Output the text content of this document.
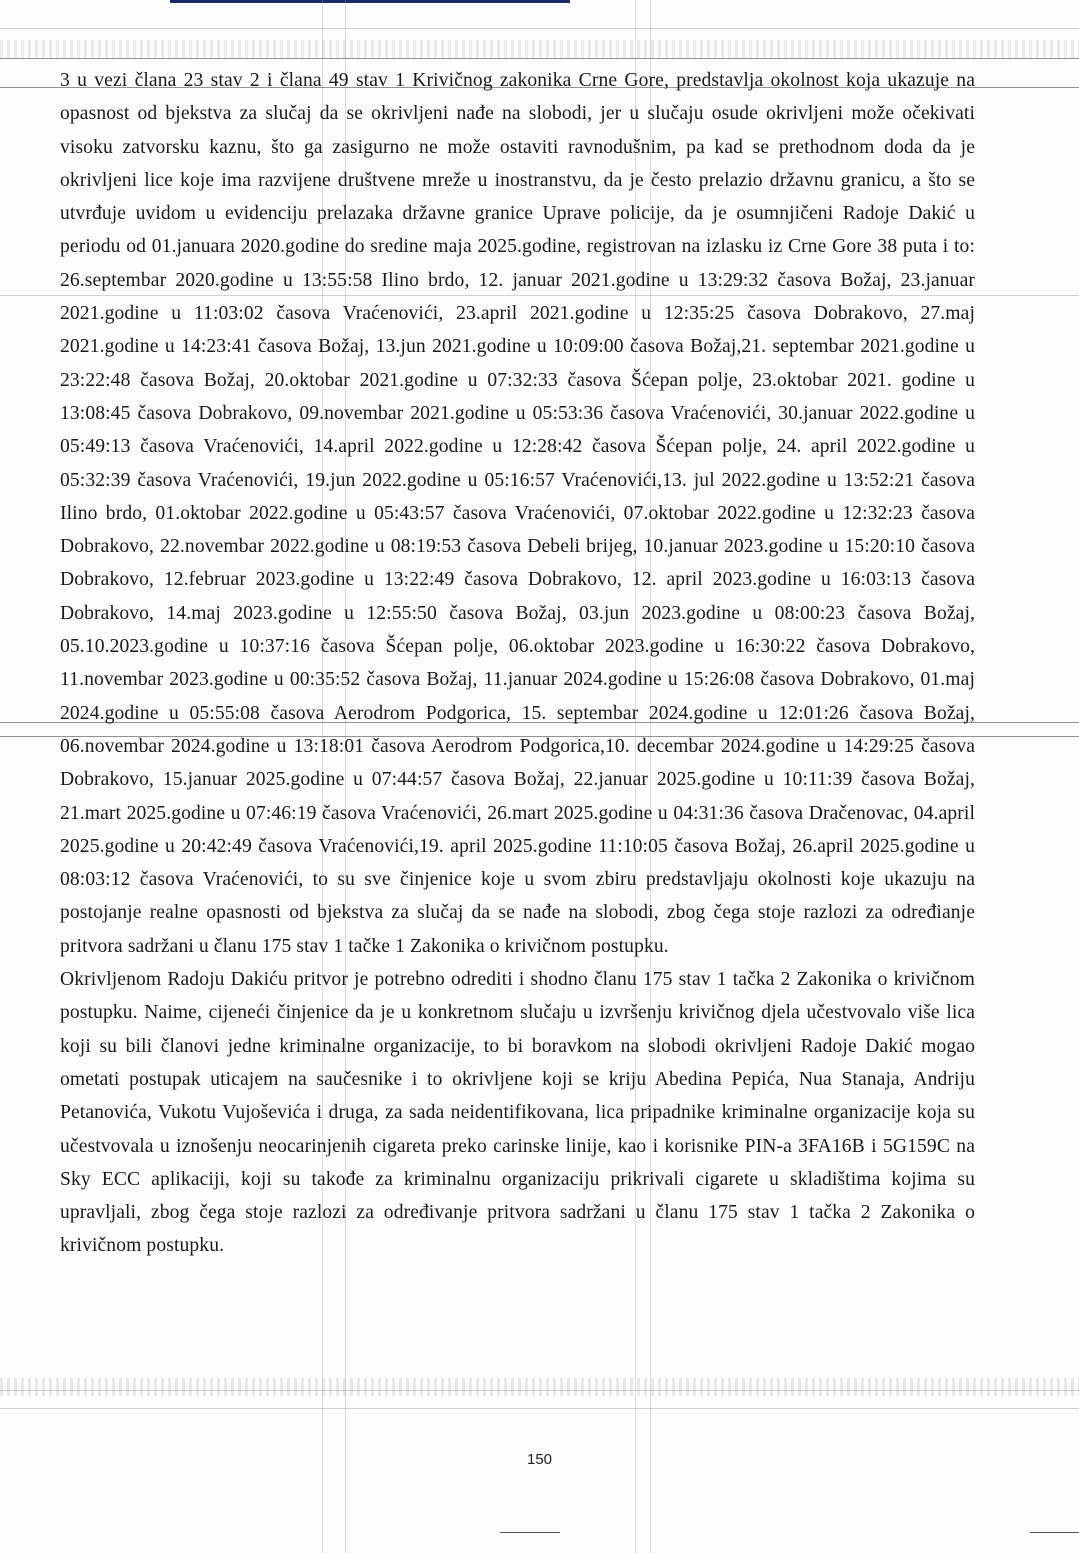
3 u vezi člana 23 stav 2 i člana 49 stav 1 Krivičnog zakonika Crne Gore, predstavlja okolnost koja ukazuje na opasnost od bjekstva za slučaj da se okrivljeni nađe na slobodi, jer u slučaju osude okrivljeni može očekivati visoku zatvorsku kaznu, što ga zasigurno ne može ostaviti ravnodušnim, pa kad se prethodnom doda da je okrivljeni lice koje ima razvijene društvene mreže u inostranstvu, da je često prelazio državnu granicu, a što se utvrđuje uvidom u evidenciju prelazaka državne granice Uprave policije, da je osumnjičeni Radoje Dakić u periodu od 01.januara 2020.godine do sredine maja 2025.godine, registrovan na izlasku iz Crne Gore 38 puta i to: 26.septembar 2020.godine u 13:55:58 Ilino brdo, 12. januar 2021.godine u 13:29:32 časova Božaj, 23.januar 2021.godine u 11:03:02 časova Vraćenovići, 23.april 2021.godine u 12:35:25 časova Dobrakovo, 27.maj 2021.godine u 14:23:41 časova Božaj, 13.jun 2021.godine u 10:09:00 časova Božaj,21. septembar 2021.godine u 23:22:48 časova Božaj, 20.oktobar 2021.godine u 07:32:33 časova Šćepan polje, 23.oktobar 2021. godine u 13:08:45 časova Dobrakovo, 09.novembar 2021.godine u 05:53:36 časova Vraćenovići, 30.januar 2022.godine u 05:49:13 časova Vraćenovići, 14.april 2022.godine u 12:28:42 časova Šćepan polje, 24. april 2022.godine u 05:32:39 časova Vraćenovići, 19.jun 2022.godine u 05:16:57 Vraćenovići,13. jul 2022.godine u 13:52:21 časova Ilino brdo, 01.oktobar 2022.godine u 05:43:57 časova Vraćenovići, 07.oktobar 2022.godine u 12:32:23 časova Dobrakovo, 22.novembar 2022.godine u 08:19:53 časova Debeli brijeg, 10.januar 2023.godine u 15:20:10 časova Dobrakovo, 12.februar 2023.godine u 13:22:49 časova Dobrakovo, 12. april 2023.godine u 16:03:13 časova Dobrakovo, 14.maj 2023.godine u 12:55:50 časova Božaj, 03.jun 2023.godine u 08:00:23 časova Božaj, 05.10.2023.godine u 10:37:16 časova Šćepan polje, 06.oktobar 2023.godine u 16:30:22 časova Dobrakovo, 11.novembar 2023.godine u 00:35:52 časova Božaj, 11.januar 2024.godine u 15:26:08 časova Dobrakovo, 01.maj 2024.godine u 05:55:08 časova Aerodrom Podgorica, 15. septembar 2024.godine u 12:01:26 časova Božaj, 06.novembar 2024.godine u 13:18:01 časova Aerodrom Podgorica,10. decembar 2024.godine u 14:29:25 časova Dobrakovo, 15.januar 2025.godine u 07:44:57 časova Božaj, 22.januar 2025.godine u 10:11:39 časova Božaj, 21.mart 2025.godine u 07:46:19 časova Vraćenovići, 26.mart 2025.godine u 04:31:36 časova Dračenovac, 04.april 2025.godine u 20:42:49 časova Vraćenovići,19. april 2025.godine 11:10:05 časova Božaj, 26.april 2025.godine u 08:03:12 časova Vraćenovići, to su sve činjenice koje u svom zbiru predstavljaju okolnosti koje ukazuju na postojanje realne opasnosti od bjekstva za slučaj da se nađe na slobodi, zbog čega stoje razlozi za određianje pritvora sadržani u članu 175 stav 1 tačke 1 Zakonika o krivičnom postupku.

Okrivljenom Radoju Dakiću pritvor je potrebno odrediti i shodno članu 175 stav 1 tačka 2 Zakonika o krivičnom postupku. Naime, cijeneći činjenice da je u konkretnom slučaju u izvršenju krivičnog djela učestvovalo više lica koji su bili članovi jedne kriminalne organizacije, to bi boravkom na slobodi okrivljeni Radoje Dakić mogao ometati postupak uticajem na saučesnike i to okrivljene koji se kriju Abedina Pepića, Nua Stanaja, Andriju Petanovića, Vukotu Vujoševića i druga, za sada neidentifikovana, lica pripadnike kriminalne organizacije koja su učestvovala u iznošenju neocarinjenih cigareta preko carinske linije, kao i korisnike PIN-a 3FA16B i 5G159C na Sky ECC aplikaciji, koji su takođe za kriminalnu organizaciju prikrivali cigarete u skladištima kojima su upravljali, zbog čega stoje razlozi za određivanje pritvora sadržani u članu 175 stav 1 tačka 2 Zakonika o krivičnom postupku.

150
